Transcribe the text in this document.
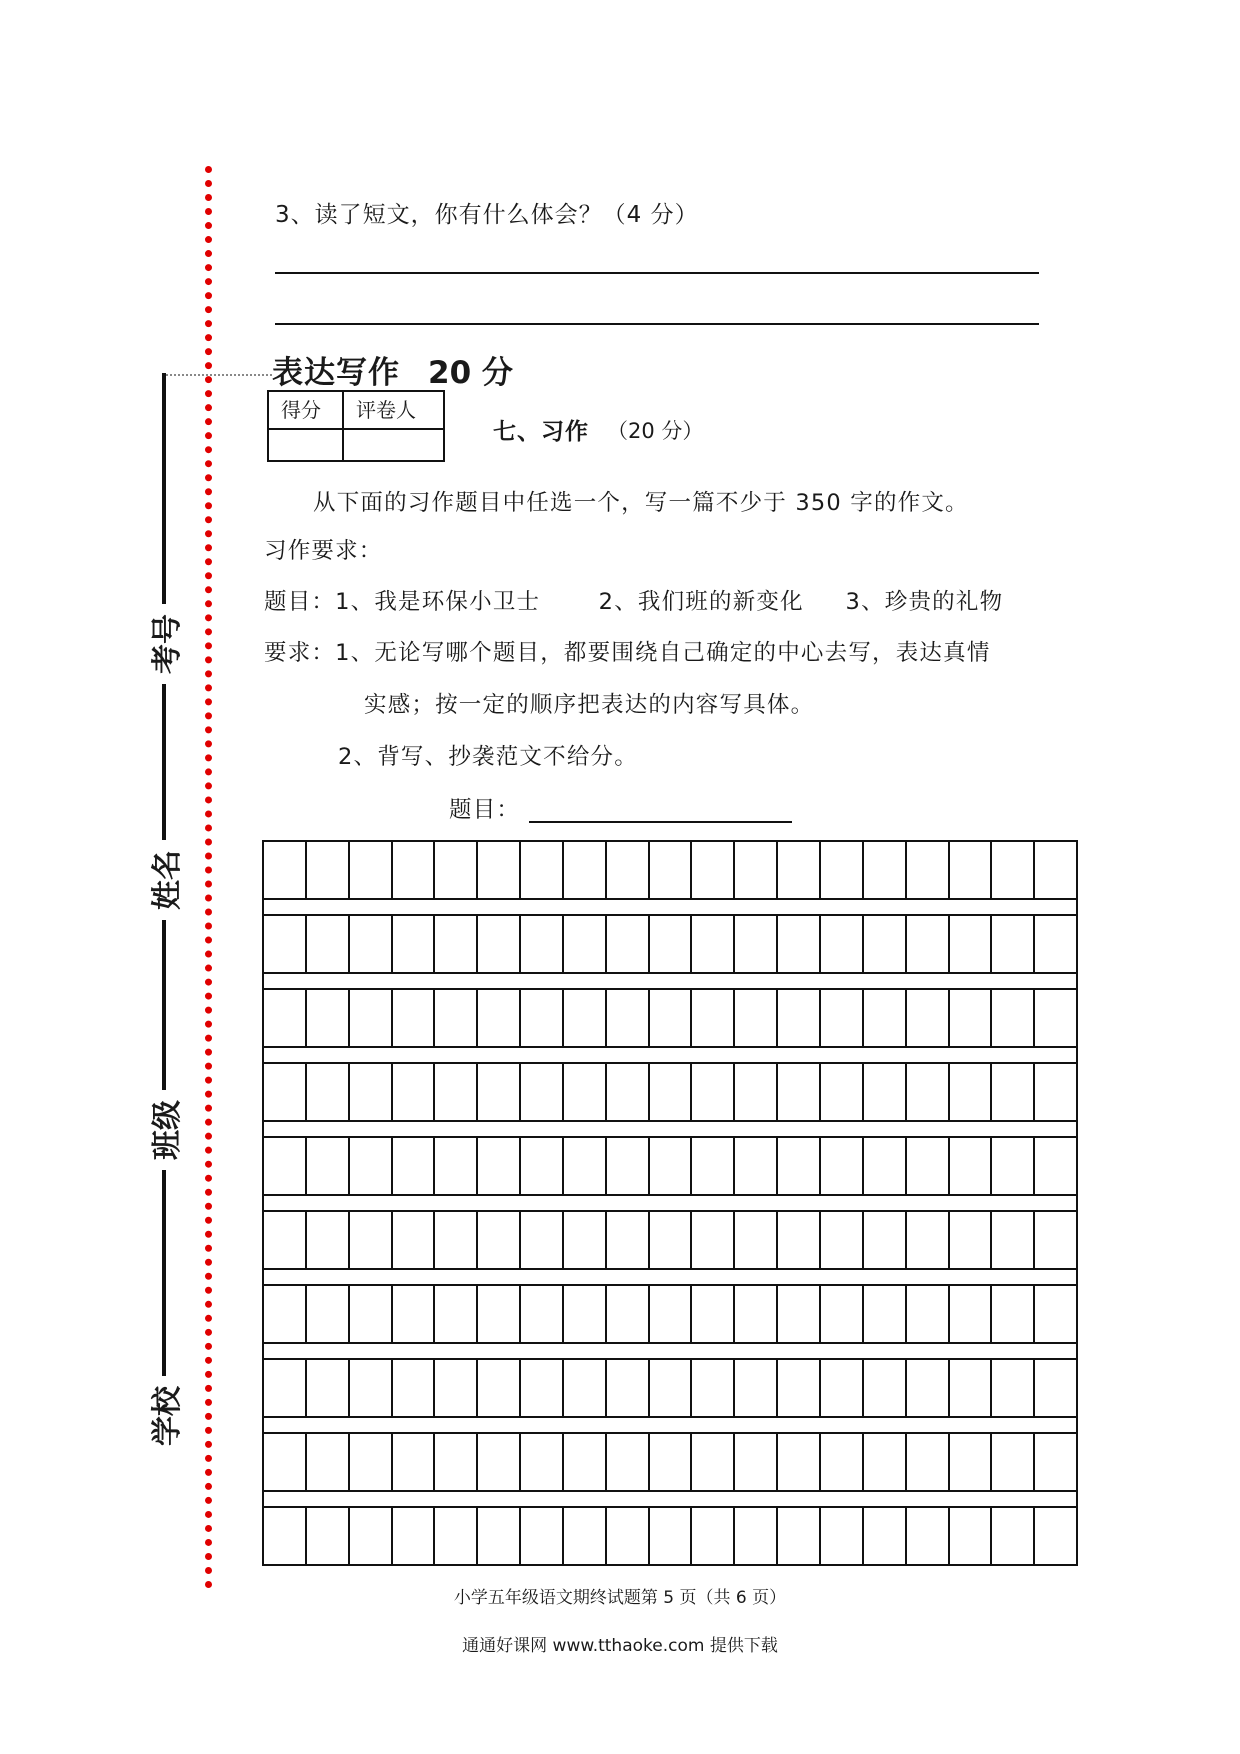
考号
姓名
班级
学校
3、读了短文，你有什么体会？（4 分）
表达写作 20 分
得分	评卷人
七、习作 （20 分）
从下面的习作题目中任选一个，写一篇不少于 350 字的作文。
习作要求：
题目：1、我是环保小卫士       2、我们班的新变化     3、珍贵的礼物
要求：1、无论写哪个题目，都要围绕自己确定的中心去写，表达真情
实感；按一定的顺序把表达的内容写具体。
2、背写、抄袭范文不给分。
题目：
小学五年级语文期终试题第 5 页（共 6 页）
通通好课网 www.tthaoke.com 提供下载
